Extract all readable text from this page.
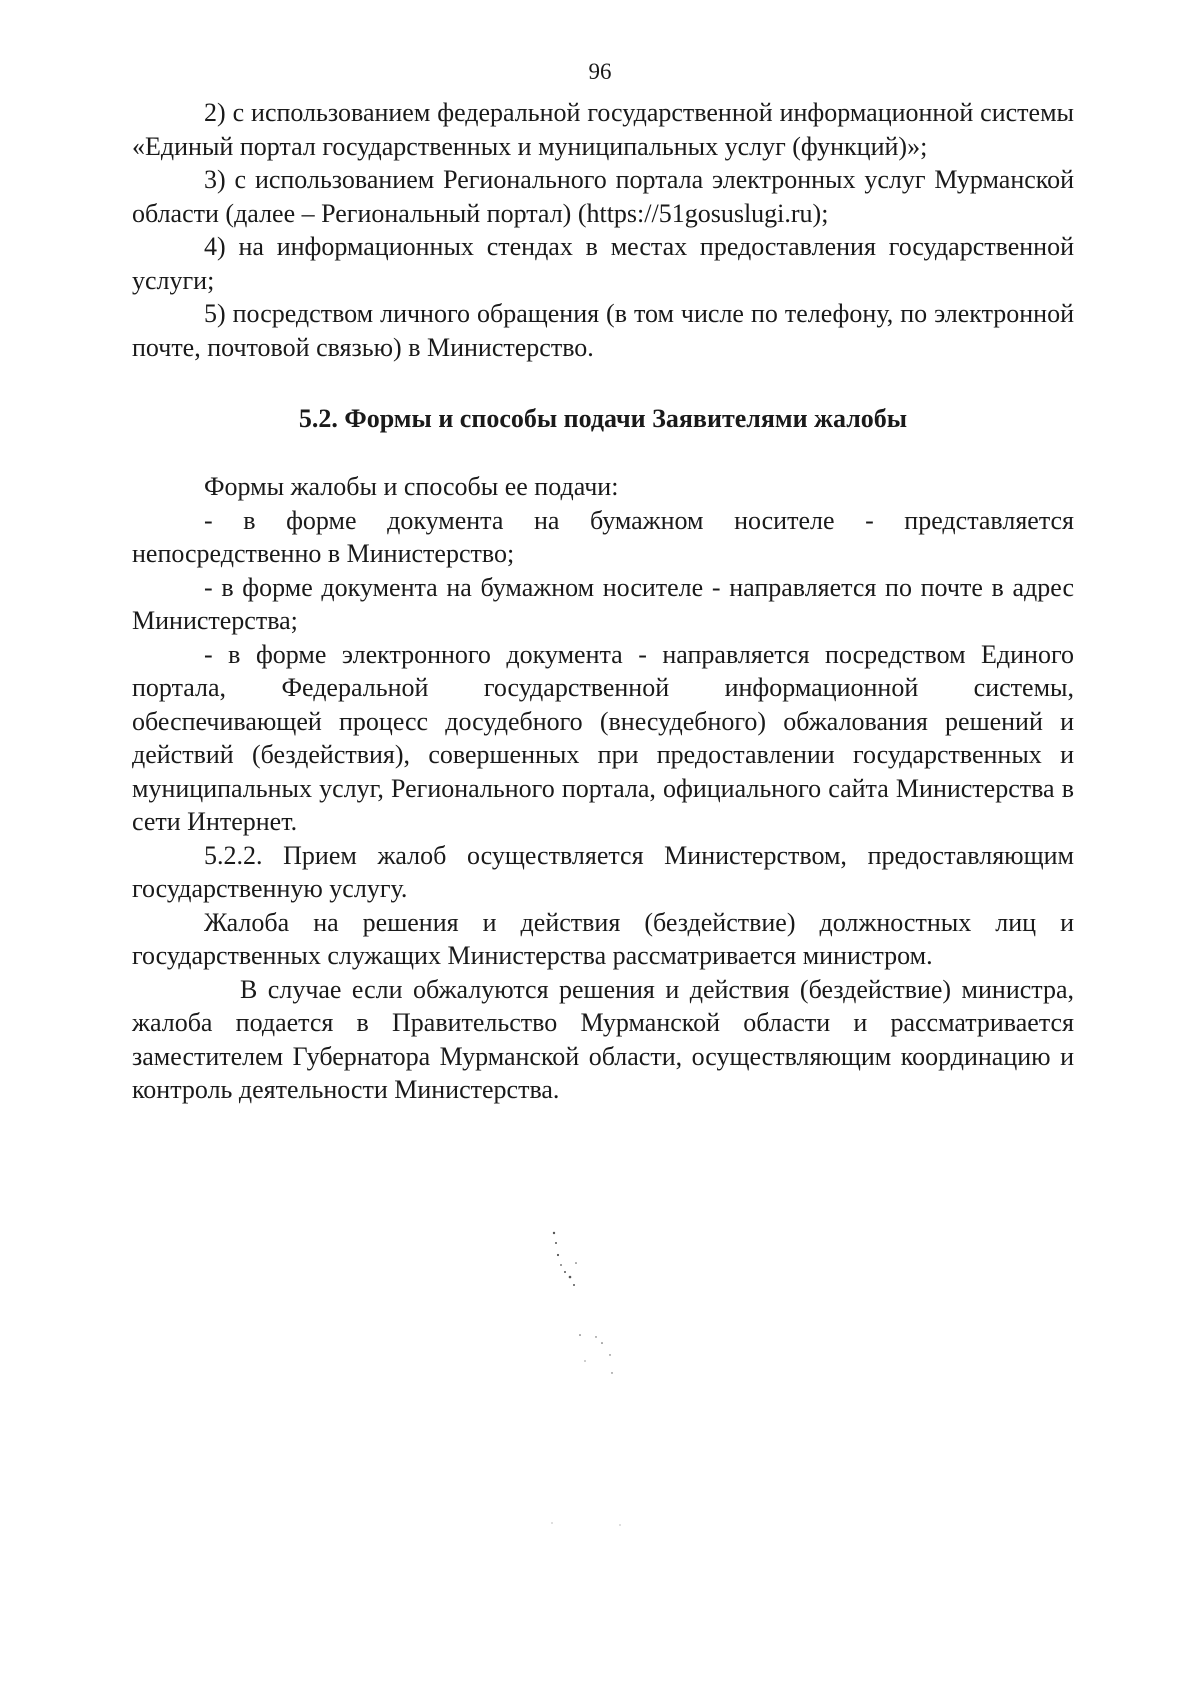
96

2) с использованием федеральной государственной информационной системы «Единый портал государственных и муниципальных услуг (функций)»;

3) с использованием Регионального портала электронных услуг Мурманской области (далее – Региональный портал) (https://51gosuslugi.ru);

4) на информационных стендах в местах предоставления государственной услуги;

5) посредством личного обращения (в том числе по телефону, по электронной почте, почтовой связью) в Министерство.

5.2. Формы и способы подачи Заявителями жалобы

Формы жалобы и способы ее подачи:

- в форме документа на бумажном носителе - представляется непосредственно в Министерство;

- в форме документа на бумажном носителе - направляется по почте в адрес Министерства;

- в форме электронного документа - направляется посредством Единого портала, Федеральной государственной информационной системы, обеспечивающей процесс досудебного (внесудебного) обжалования решений и действий (бездействия), совершенных при предоставлении государственных и муниципальных услуг, Регионального портала, официального сайта Министерства в сети Интернет.

5.2.2. Прием жалоб осуществляется Министерством, предоставляющим государственную услугу.

Жалоба на решения и действия (бездействие) должностных лиц и государственных служащих Министерства рассматривается министром.

В случае если обжалуются решения и действия (бездействие) министра, жалоба подается в Правительство Мурманской области и рассматривается заместителем Губернатора Мурманской области, осуществляющим координацию и контроль деятельности Министерства.
